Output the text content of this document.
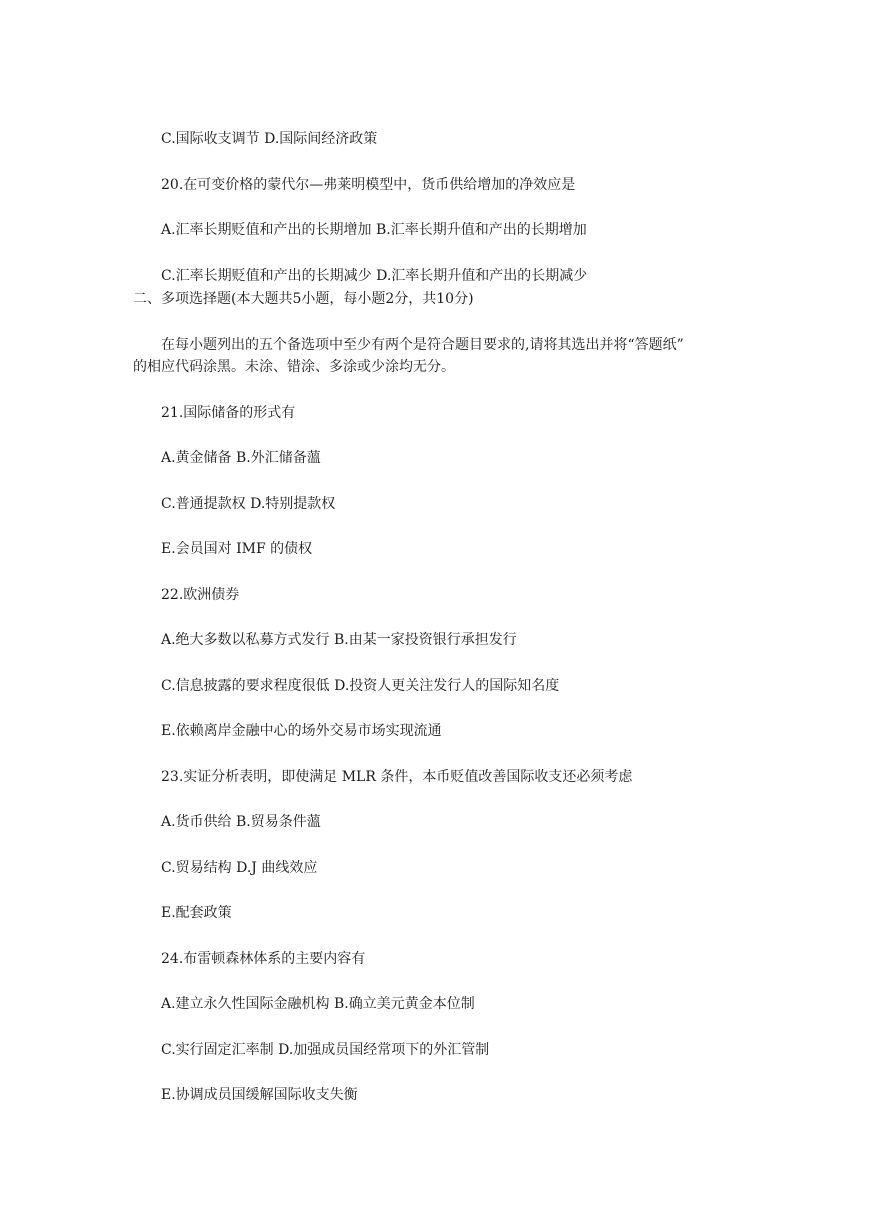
C.国际收支调节 D.国际间经济政策

20.在可变价格的蒙代尔—弗莱明模型中，货币供给增加的净效应是

A.汇率长期贬值和产出的长期增加 B.汇率长期升值和产出的长期增加

C.汇率长期贬值和产出的长期减少 D.汇率长期升值和产出的长期减少

二、多项选择题(本大题共5小题，每小题2分，共10分)

在每小题列出的五个备选项中至少有两个是符合题目要求的,请将其选出并将“答题纸”

的相应代码涂黑。未涂、错涂、多涂或少涂均无分。

21.国际储备的形式有

A.黄金储备 B.外汇储备薀

C.普通提款权 D.特别提款权

E.会员国对 IMF 的债权

22.欧洲债券

A.绝大多数以私募方式发行 B.由某一家投资银行承担发行

C.信息披露的要求程度很低 D.投资人更关注发行人的国际知名度

E.依赖离岸金融中心的场外交易市场实现流通

23.实证分析表明，即使满足 MLR 条件，本币贬值改善国际收支还必须考虑

A.货币供给 B.贸易条件薀

C.贸易结构 D.J 曲线效应

E.配套政策

24.布雷顿森林体系的主要内容有

A.建立永久性国际金融机构 B.确立美元黄金本位制

C.实行固定汇率制 D.加强成员国经常项下的外汇管制

E.协调成员国缓解国际收支失衡
